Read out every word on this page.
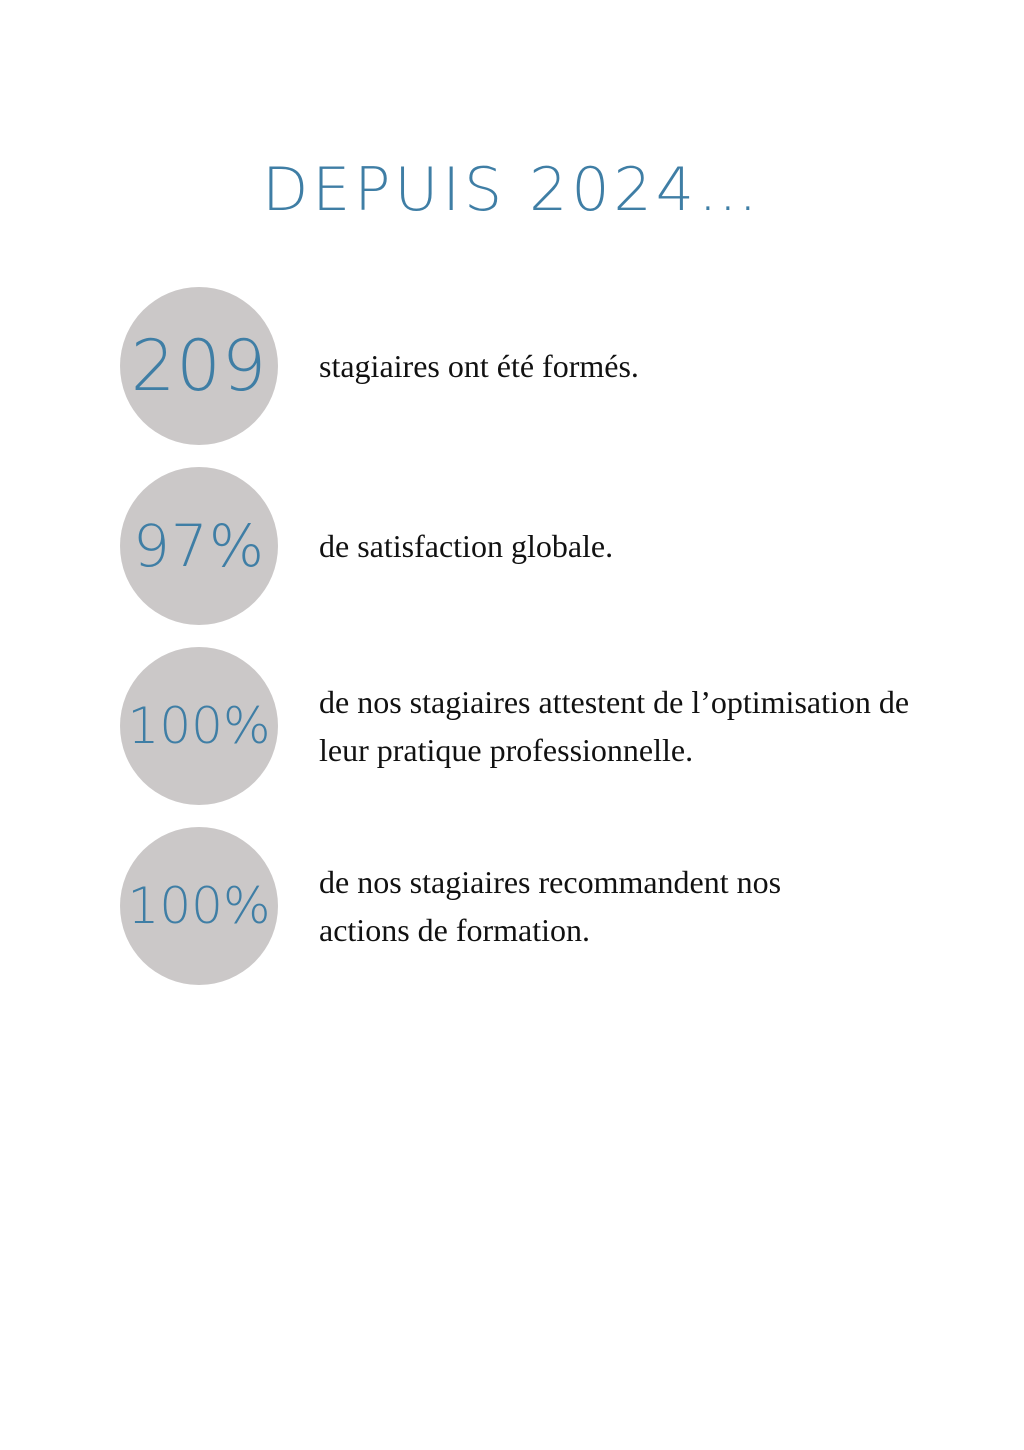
DEPUIS 2024…
209 stagiaires ont été formés.
97% de satisfaction globale.
100% de nos stagiaires attestent de l’optimisation de leur pratique professionnelle.
100% de nos stagiaires recommandent nos actions de formation.
